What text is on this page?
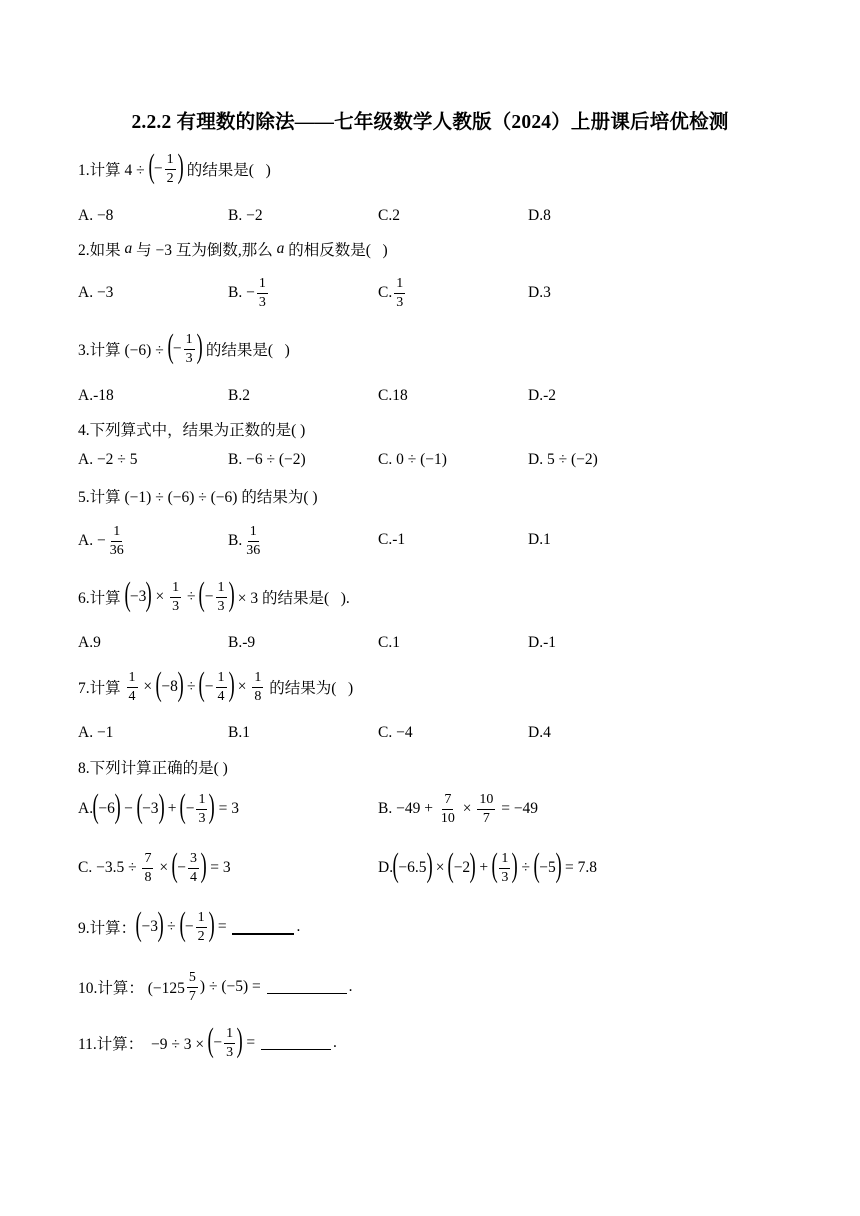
2.2.2 有理数的除法——七年级数学人教版（2024）上册课后培优检测
1.计算 4 ÷ ( − $\frac{1}{2}$ ) 的结果是(   )
A. −8	B. −2	C.2	D.8
2.如果 a 与 −3 互为倒数,那么 a 的相反数是(   )
A. −3	B. − $\frac{1}{3}$	C. $\frac{1}{3}$	D.3
3.计算 (−6) ÷ ( − $\frac{1}{3}$ ) 的结果是(   )
A.-18	B.2	C.18	D.-2
4.下列算式中，结果为正数的是( )
A. −2 ÷ 5	B. −6 ÷ (−2)	C. 0 ÷ (−1)	D. 5 ÷ (−2)
5.计算 (−1) ÷ (−6) ÷ (−6) 的结果为( )
A. − $\frac{1}{36}$	B. $\frac{1}{36}$	C.-1	D.1
6.计算 ( −3 ) × $\frac{1}{3}$ ÷ ( − $\frac{1}{3}$ ) × 3 的结果是(   ).
A.9	B.-9	C.1	D.-1
7.计算 $\frac{1}{4}$ × ( −8 ) ÷ ( − $\frac{1}{4}$ ) × $\frac{1}{8}$ 的结果为(   )
A. −1	B.1	C. −4	D.4
8.下列计算正确的是( )
A. ( −6 ) − ( −3 ) + ( − $\frac{1}{3}$ ) = 3	B. $-49 + \frac{7}{10} \times \frac{10}{7} = -49$
C. $-3.5 \div \frac{7}{8}$ × ( − $\frac{3}{4}$ ) = 3	D. ( −6.5 ) × ( −2 ) + ( $\frac{1}{3}$ ) ÷ ( −5 ) = 7.8
9.计算： ( −3 ) ÷ ( − $\frac{1}{2}$ ) =	.
10.计算： ($-125 \frac{5}{7}$ ) ÷ (−5) =	.
11.计算：  −9 ÷ 3 × ( − $\frac{1}{3}$ ) =	.
